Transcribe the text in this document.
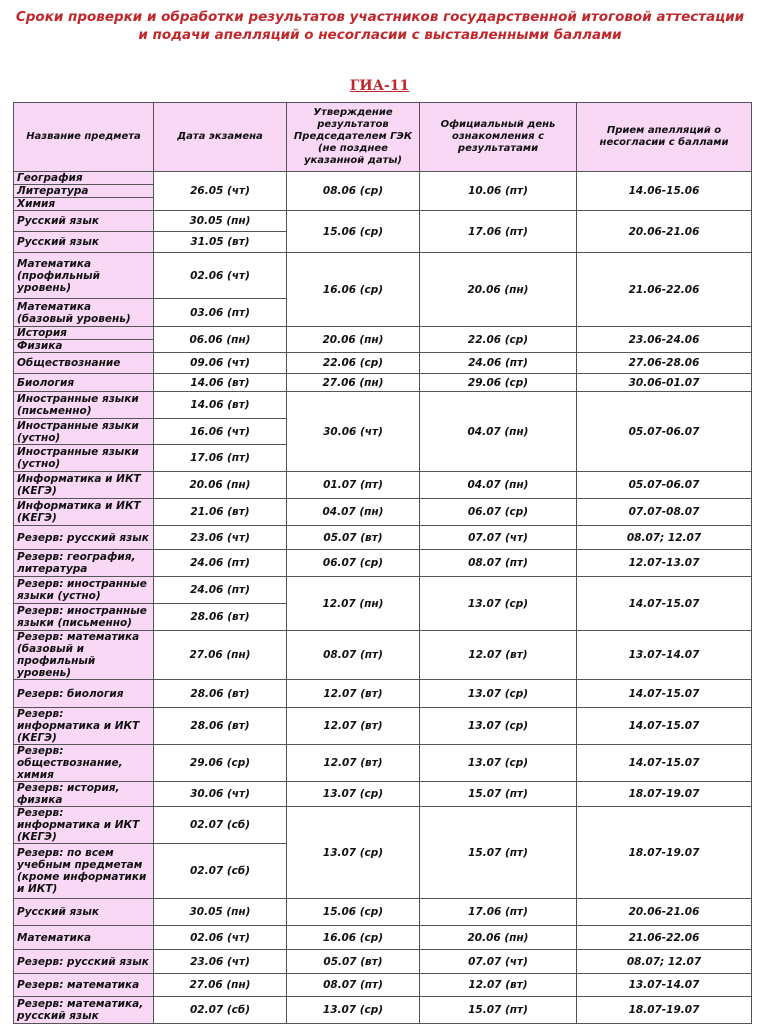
Сроки проверки и обработки результатов участников государственной итоговой аттестации и подачи апелляций о несогласии с выставленными баллами
ГИА-11
Название предмета	Дата экзамена	Утверждение результатов Председателем ГЭК (не позднее указанной даты)	Официальный день ознакомления с результатами	Прием апелляций о несогласии с баллами
География	26.05 (чт)	08.06 (ср)	10.06 (пт)	14.06-15.06
Литература				
Химия				
Русский язык	30.05 (пн)	15.06 (ср)	17.06 (пт)	20.06-21.06
Русский язык	31.05 (вт)			
Математика (профильный уровень)	02.06 (чт)	16.06 (ср)	20.06 (пн)	21.06-22.06
Математика (базовый уровень)	03.06 (пт)			
История	06.06 (пн)	20.06 (пн)	22.06 (ср)	23.06-24.06
Физика				
Обществознание	09.06 (чт)	22.06 (ср)	24.06 (пт)	27.06-28.06
Биология	14.06 (вт)	27.06 (пн)	29.06 (ср)	30.06-01.07
Иностранные языки (письменно)	14.06 (вт)	30.06 (чт)	04.07 (пн)	05.07-06.07
Иностранные языки (устно)	16.06 (чт)			
Иностранные языки (устно)	17.06 (пт)			
Информатика и ИКТ (КЕГЭ)	20.06 (пн)	01.07 (пт)	04.07 (пн)	05.07-06.07
Информатика и ИКТ (КЕГЭ)	21.06 (вт)	04.07 (пн)	06.07 (ср)	07.07-08.07
Резерв: русский язык	23.06 (чт)	05.07 (вт)	07.07 (чт)	08.07; 12.07
Резерв: география, литература	24.06 (пт)	06.07 (ср)	08.07 (пт)	12.07-13.07
Резерв: иностранные языки (устно)	24.06 (пт)	12.07 (пн)	13.07 (ср)	14.07-15.07
Резерв: иностранные языки (письменно)	28.06 (вт)			
Резерв: математика (базовый и профильный уровень)	27.06 (пн)	08.07 (пт)	12.07 (вт)	13.07-14.07
Резерв: биология	28.06 (вт)	12.07 (вт)	13.07 (ср)	14.07-15.07
Резерв: информатика и ИКТ (КЕГЭ)	28.06 (вт)	12.07 (вт)	13.07 (ср)	14.07-15.07
Резерв: обществознание, химия	29.06 (ср)	12.07 (вт)	13.07 (ср)	14.07-15.07
Резерв: история, физика	30.06 (чт)	13.07 (ср)	15.07 (пт)	18.07-19.07
Резерв: информатика и ИКТ (КЕГЭ)	02.07 (сб)	13.07 (ср)	15.07 (пт)	18.07-19.07
Резерв: по всем учебным предметам (кроме информатики и ИКТ)	02.07 (сб)			
Русский язык	30.05 (пн)	15.06 (ср)	17.06 (пт)	20.06-21.06
Математика	02.06 (чт)	16.06 (ср)	20.06 (пн)	21.06-22.06
Резерв: русский язык	23.06 (чт)	05.07 (вт)	07.07 (чт)	08.07; 12.07
Резерв: математика	27.06 (пн)	08.07 (пт)	12.07 (вт)	13.07-14.07
Резерв: математика, русский язык	02.07 (сб)	13.07 (ср)	15.07 (пт)	18.07-19.07
